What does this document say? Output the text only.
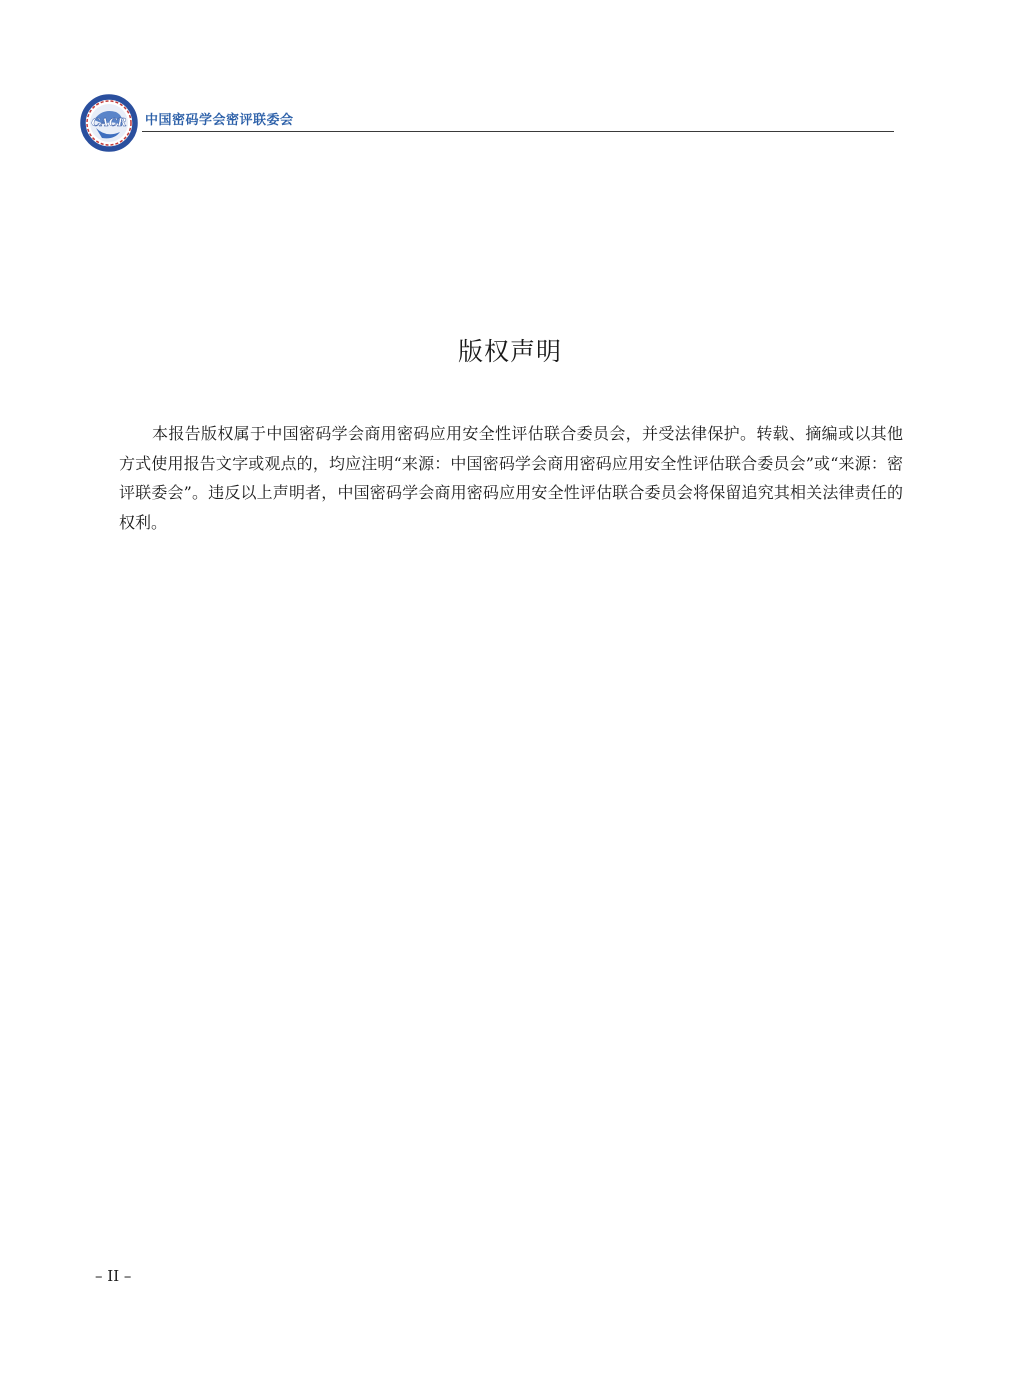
CACR 中国密码学会密评联委会
版权声明

本报告版权属于中国密码学会商用密码应用安全性评估联合委员会，并受法律保护。转载、摘编或以其他方式使用报告文字或观点的，均应注明“来源：中国密码学会商用密码应用安全性评估联合委员会”或“来源：密评联委会”。违反以上声明者，中国密码学会商用密码应用安全性评估联合委员会将保留追究其相关法律责任的权利。

– II –
